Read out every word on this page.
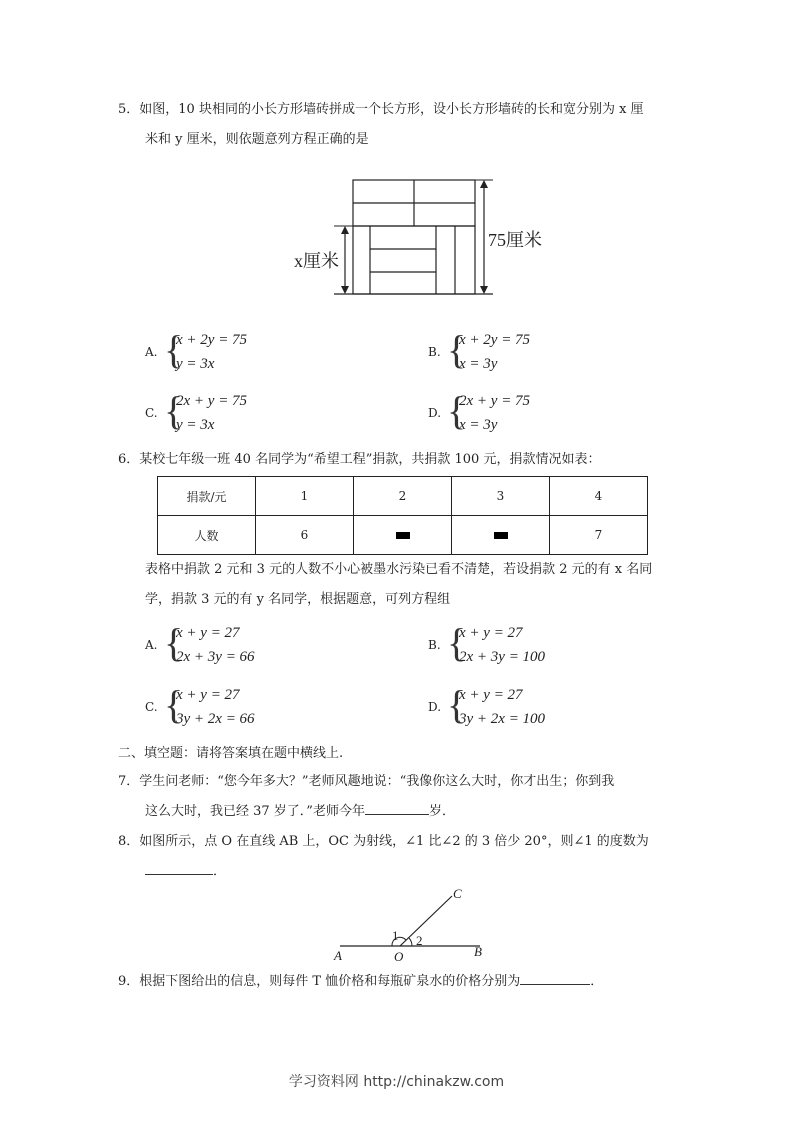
5．如图，10 块相同的小长方形墙砖拼成一个长方形，设小长方形墙砖的长和宽分别为 x 厘
米和 y 厘米，则依题意列方程正确的是
x厘米
75厘米
A. {
x + 2y = 75
y = 3x
B. {
x + 2y = 75
x = 3y
C. {
2x + y = 75
y = 3x
D. {
2x + y = 75
x = 3y
6．某校七年级一班 40 名同学为“希望工程”捐款，共捐款 100 元，捐款情况如表：
捐款/元	1	2	3	4
人数	6			7
表格中捐款 2 元和 3 元的人数不小心被墨水污染已看不清楚，若设捐款 2 元的有 x 名同
学，捐款 3 元的有 y 名同学，根据题意，可列方程组
A. {
x + y = 27
2x + 3y = 66
B. {
x + y = 27
2x + 3y = 100
C. {
x + y = 27
3y + 2x = 66
D. {
x + y = 27
3y + 2x = 100
二、填空题：请将答案填在题中横线上.
7．学生问老师：“您今年多大？”老师风趣地说：“我像你这么大时，你才出生；你到我
这么大时，我已经 37 岁了．”老师今年	岁．
8．如图所示，点 O 在直线 AB 上，OC 为射线，∠1 比∠2 的 3 倍少 20°，则∠1 的度数为
．
C
1 2
A	O	B
9．根据下图给出的信息，则每件 T 恤价格和每瓶矿泉水的价格分别为	．
学习资料网 http://chinakzw.com
